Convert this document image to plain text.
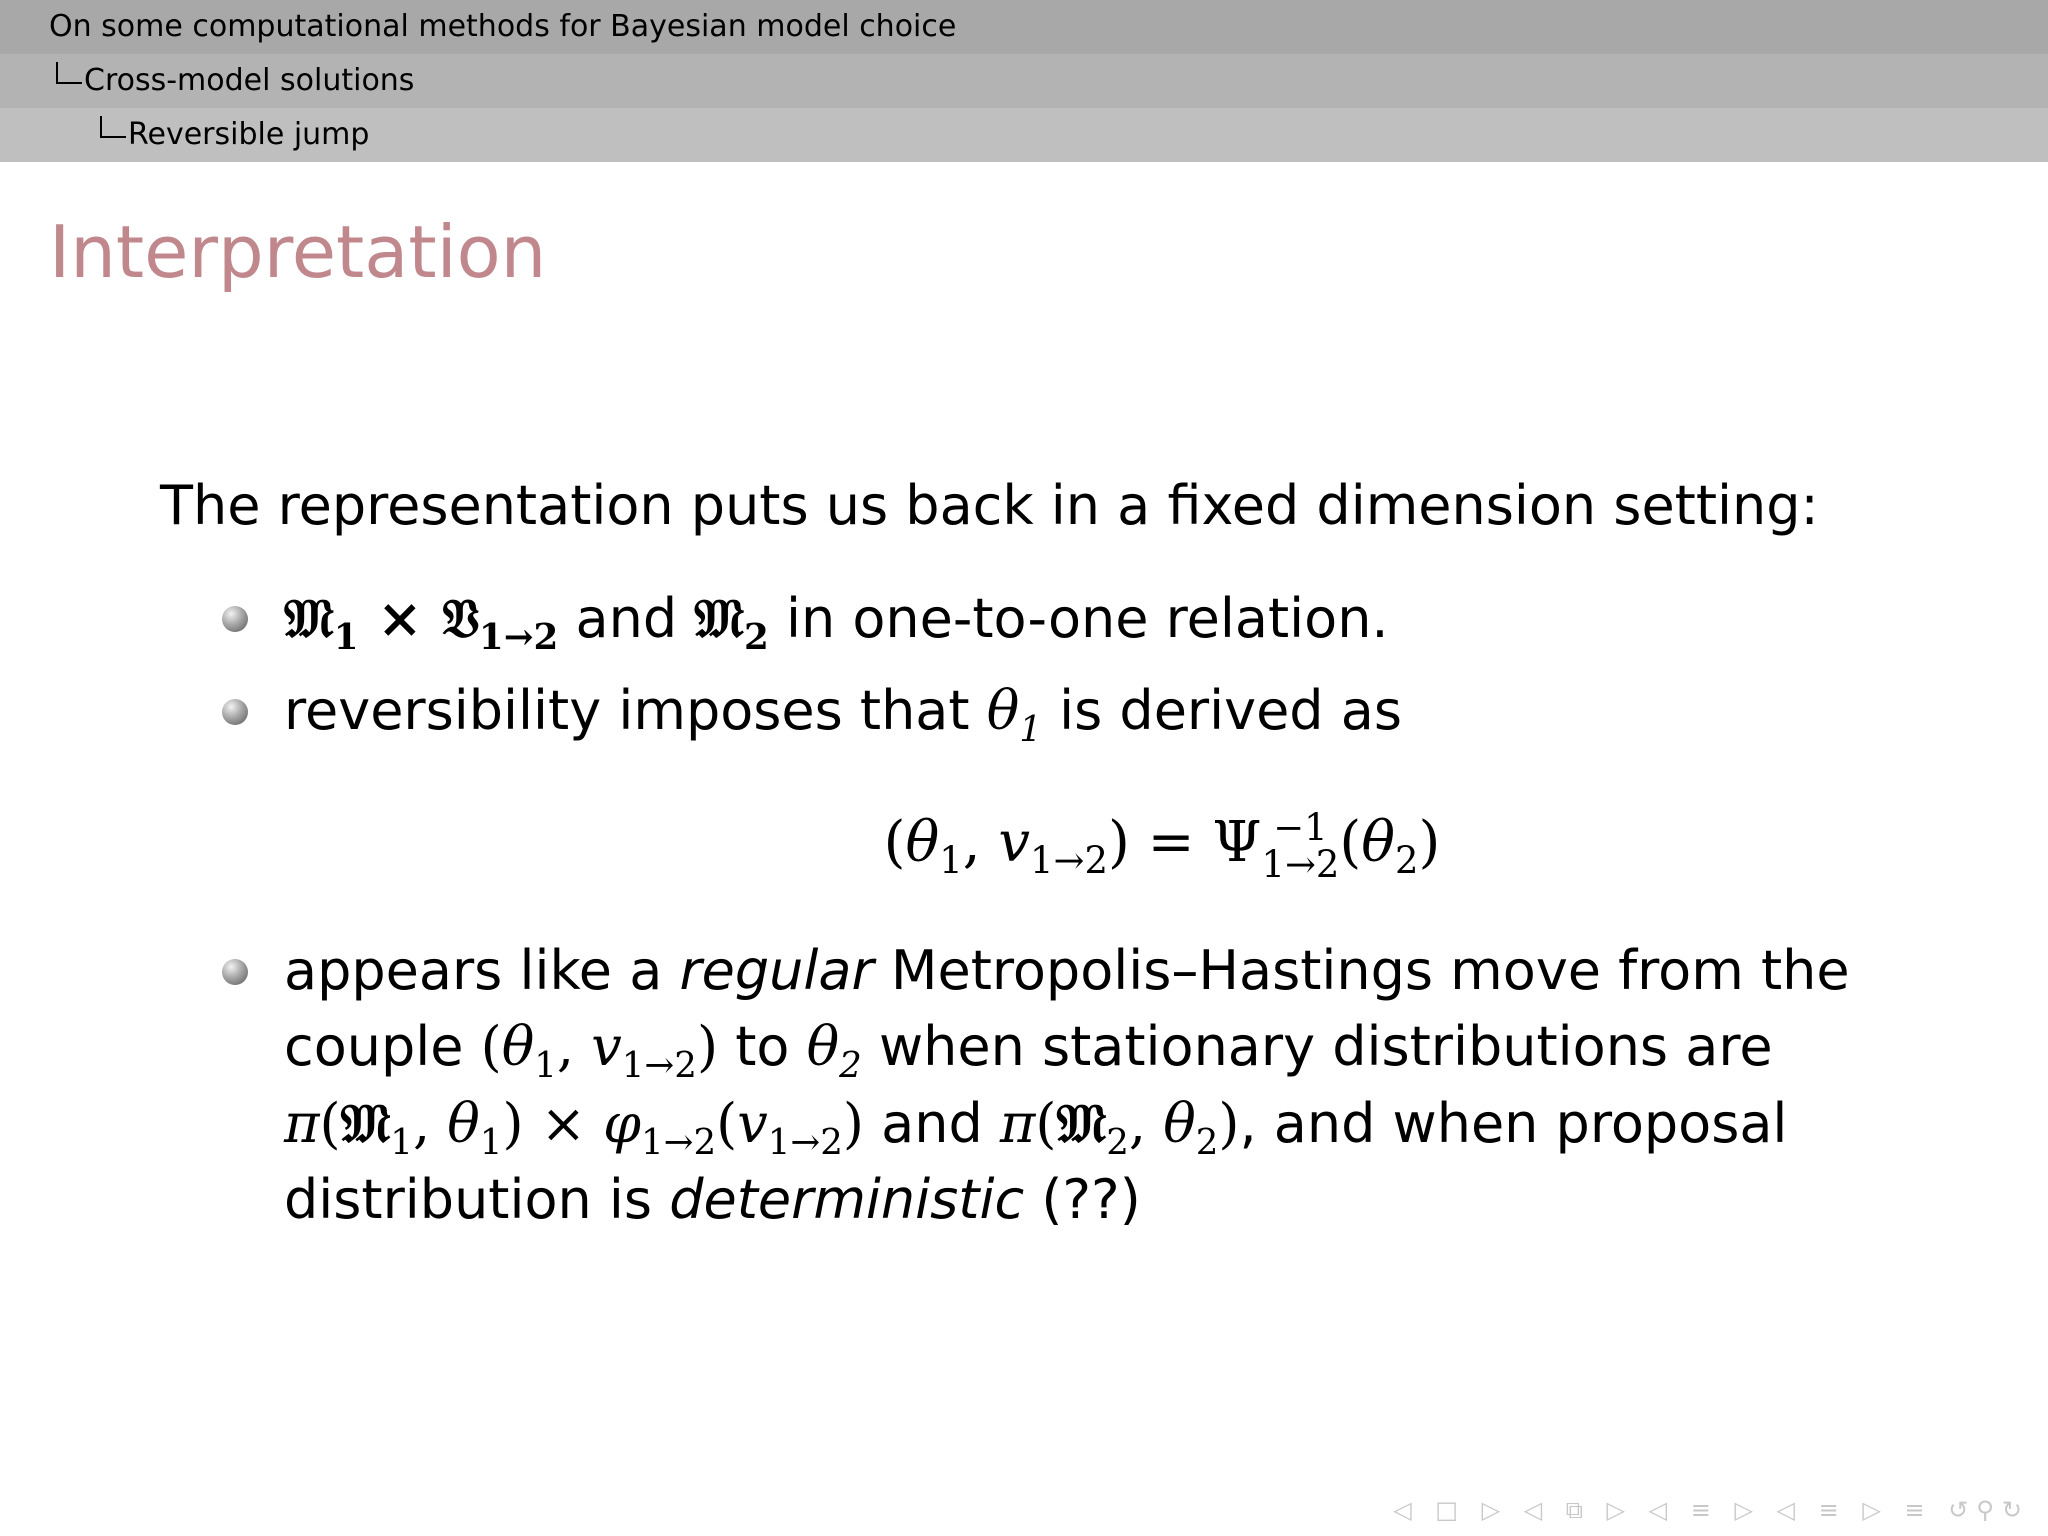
On some computational methods for Bayesian model choice
Cross-model solutions
Reversible jump
Interpretation
The representation puts us back in a fixed dimension setting:
𝔐$_1$ × 𝔙$_{1\to 2}$ and 𝔐$_2$ in one-to-one relation.
reversibility imposes that $\theta_1$ is derived as
($\theta_1$, $v_{1\to 2}) = \Psi -1$
1→2 $(\theta_2)$
appears like a regular Metropolis–Hastings move from the couple ($\theta_1$, $v_{1\to 2}$) to $\theta_2$ when stationary distributions are π(𝔐$_1$, $\theta_1) \times \varphi_{1\to 2}(v_{1\to 2})$ and π(𝔐$_2$, $\theta_2$), and when proposal distribution is deterministic (??)
◁ □ ▷ ◁ ⧉ ▷ ◁ ≡ ▷ ◁ ≡ ▷ ≡ ↺⚲↻
